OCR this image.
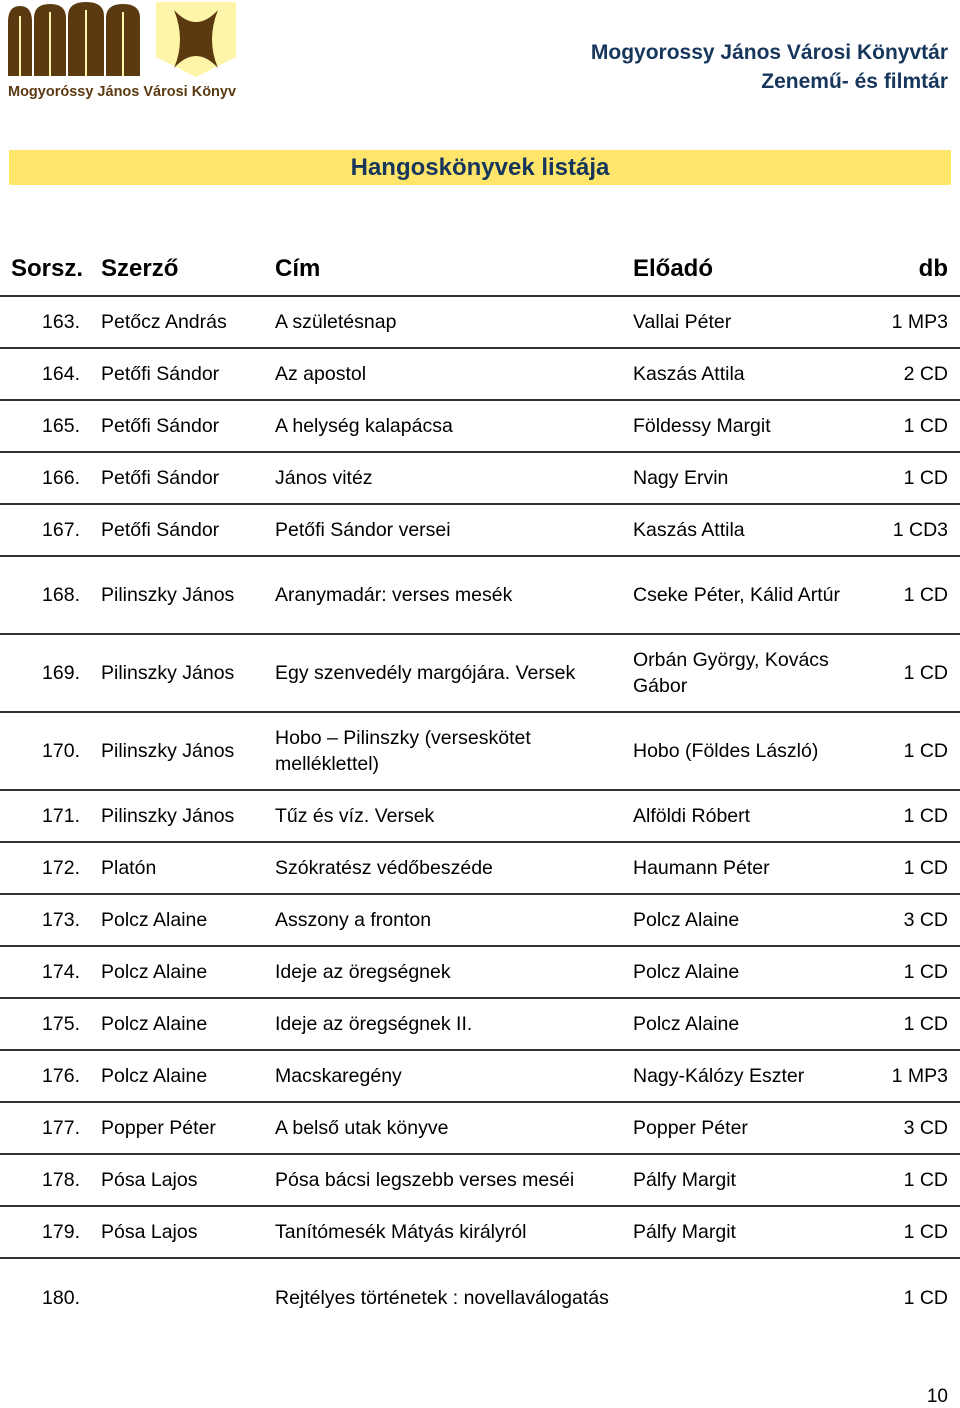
Mogyoróssy János Városi Könyvtár
Mogyorossy János Városi Könyvtár
Zenemű- és filmtár
Hangoskönyvek listája
Sorsz.	Szerző	Cím	Előadó	db
163.	Petőcz András	A születésnap	Vallai Péter	1 MP3
164.	Petőfi Sándor	Az apostol	Kaszás Attila	2 CD
165.	Petőfi Sándor	A helység kalapácsa	Földessy Margit	1 CD
166.	Petőfi Sándor	János vitéz	Nagy Ervin	1 CD
167.	Petőfi Sándor	Petőfi Sándor versei	Kaszás Attila	1 CD3
168.	Pilinszky János	Aranymadár: verses mesék	Cseke Péter, Kálid Artúr	1 CD
169.	Pilinszky János	Egy szenvedély margójára. Versek	Orbán György, Kovács Gábor	1 CD
170.	Pilinszky János	Hobo – Pilinszky (verseskötet melléklettel)	Hobo (Földes László)	1 CD
171.	Pilinszky János	Tűz és víz. Versek	Alföldi Róbert	1 CD
172.	Platón	Szókratész védőbeszéde	Haumann Péter	1 CD
173.	Polcz Alaine	Asszony a fronton	Polcz Alaine	3 CD
174.	Polcz Alaine	Ideje az öregségnek	Polcz Alaine	1 CD
175.	Polcz Alaine	Ideje az öregségnek II.	Polcz Alaine	1 CD
176.	Polcz Alaine	Macskaregény	Nagy-Kálózy Eszter	1 MP3
177.	Popper Péter	A belső utak könyve	Popper Péter	3 CD
178.	Pósa Lajos	Pósa bácsi legszebb verses meséi	Pálfy Margit	1 CD
179.	Pósa Lajos	Tanítómesék Mátyás királyról	Pálfy Margit	1 CD
180.		Rejtélyes történetek : novellaválogatás		1 CD
10
